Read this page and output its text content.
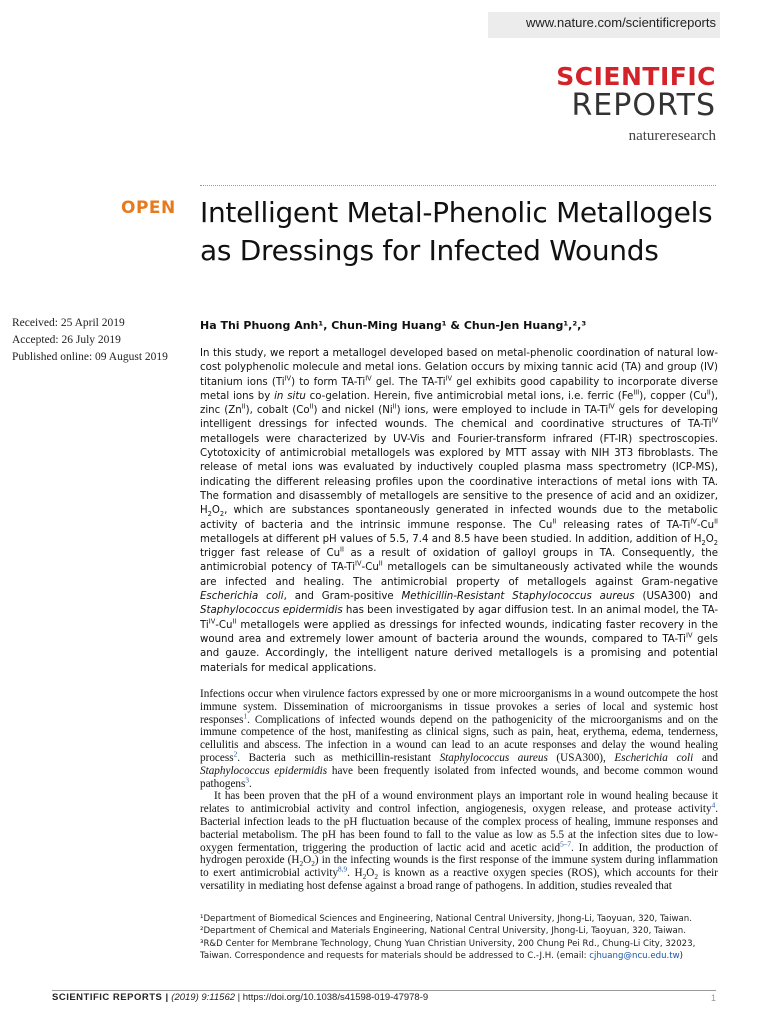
www.nature.com/scientificreports
SCIENTIFIC
REPORTS
natureresearch
OPEN Intelligent Metal-Phenolic Metallogels as Dressings for Infected Wounds
Received: 25 April 2019
Accepted: 26 July 2019
Published online: 09 August 2019
Ha Thi Phuong Anh¹, Chun-Ming Huang¹ & Chun-Jen Huang¹,²,³
In this study, we report a metallogel developed based on metal-phenolic coordination of natural low-cost polyphenolic molecule and metal ions. Gelation occurs by mixing tannic acid (TA) and group (IV) titanium ions $(Ti^{IV})$ to form $TA-Ti^{IV}$ gel. The $TA-Ti^{IV}$ gel exhibits good capability to incorporate diverse metal ions by in situ co-gelation. Herein, five antimicrobial metal ions, i.e. ferric $(Fe^{III})$, copper $(Cu^{II})$, zinc $(Zn^{II})$, cobalt $(Co^{II})$ and nickel $(Ni^{II})$ ions, were employed to include in $TA-Ti^{IV}$ gels for developing intelligent dressings for infected wounds. The chemical and coordinative structures of $TA-Ti^{IV}$ metallogels were characterized by UV-Vis and Fourier-transform infrared (FT-IR) spectroscopies. Cytotoxicity of antimicrobial metallogels was explored by MTT assay with NIH 3T3 fibroblasts. The release of metal ions was evaluated by inductively coupled plasma mass spectrometry (ICP-MS), indicating the different releasing profiles upon the coordinative interactions of metal ions with TA. The formation and disassembly of metallogels are sensitive to the presence of acid and an oxidizer, $H_2O_2$, which are substances spontaneously generated in infected wounds due to the metabolic activity of bacteria and the intrinsic immune response. The $Cu^{II}$ releasing rates of $TA-Ti^{IV}-Cu^{II}$ metallogels at different pH values of 5.5, 7.4 and 8.5 have been studied. In addition, addition of $H_2O_2$ trigger fast release of $Cu^{II}$ as a result of oxidation of galloyl groups in TA. Consequently, the antimicrobial potency of $TA-Ti^{IV}-Cu^{II}$ metallogels can be simultaneously activated while the wounds are infected and healing. The antimicrobial property of metallogels against Gram-negative Escherichia coli, and Gram-positive Methicillin-Resistant Staphylococcus aureus (USA300) and Staphylococcus epidermidis has been investigated by agar diffusion test. In an animal model, the $TA-Ti^{IV}-Cu^{II}$ metallogels were applied as dressings for infected wounds, indicating faster recovery in the wound area and extremely lower amount of bacteria around the wounds, compared to $TA-Ti^{IV}$ gels and gauze. Accordingly, the intelligent nature derived metallogels is a promising and potential materials for medical applications.

Infections occur when virulence factors expressed by one or more microorganisms in a wound outcompete the host immune system. Dissemination of microorganisms in tissue provokes a series of local and systemic host responses$^1$. Complications of infected wounds depend on the pathogenicity of the microorganisms and on the immune competence of the host, manifesting as clinical signs, such as pain, heat, erythema, edema, tenderness, cellulitis and abscess. The infection in a wound can lead to an acute responses and delay the wound healing process$^2$. Bacteria such as methicillin-resistant Staphylococcus aureus (USA300), Escherichia coli and Staphylococcus epidermidis have been frequently isolated from infected wounds, and become common wound pathogens$^3$.

It has been proven that the pH of a wound environment plays an important role in wound healing because it relates to antimicrobial activity and control infection, angiogenesis, oxygen release, and protease activity$^4$. Bacterial infection leads to the pH fluctuation because of the complex process of healing, immune responses and bacterial metabolism. The pH has been found to fall to the value as low as 5.5 at the infection sites due to low-oxygen fermentation, triggering the production of lactic acid and acetic acid$^{5-7}$. In addition, the production of hydrogen peroxide $(H_2O_2)$ in the infecting wounds is the first response of the immune system during inflammation to exert antimicrobial activity$^{8,9}$. $H_2O_2$ is known as a reactive oxygen species (ROS), which accounts for their versatility in mediating host defense against a broad range of pathogens. In addition, studies revealed that

¹Department of Biomedical Sciences and Engineering, National Central University, Jhong-Li, Taoyuan, 320, Taiwan.
²Department of Chemical and Materials Engineering, National Central University, Jhong-Li, Taoyuan, 320, Taiwan.
³R&D Center for Membrane Technology, Chung Yuan Christian University, 200 Chung Pei Rd., Chung-Li City, 32023,
Taiwan. Correspondence and requests for materials should be addressed to C.-J.H. (email: cjhuang@ncu.edu.tw)
SCIENTIFIC REPORTS | (2019) 9:11562 | https://doi.org/10.1038/s41598-019-47978-9	1
